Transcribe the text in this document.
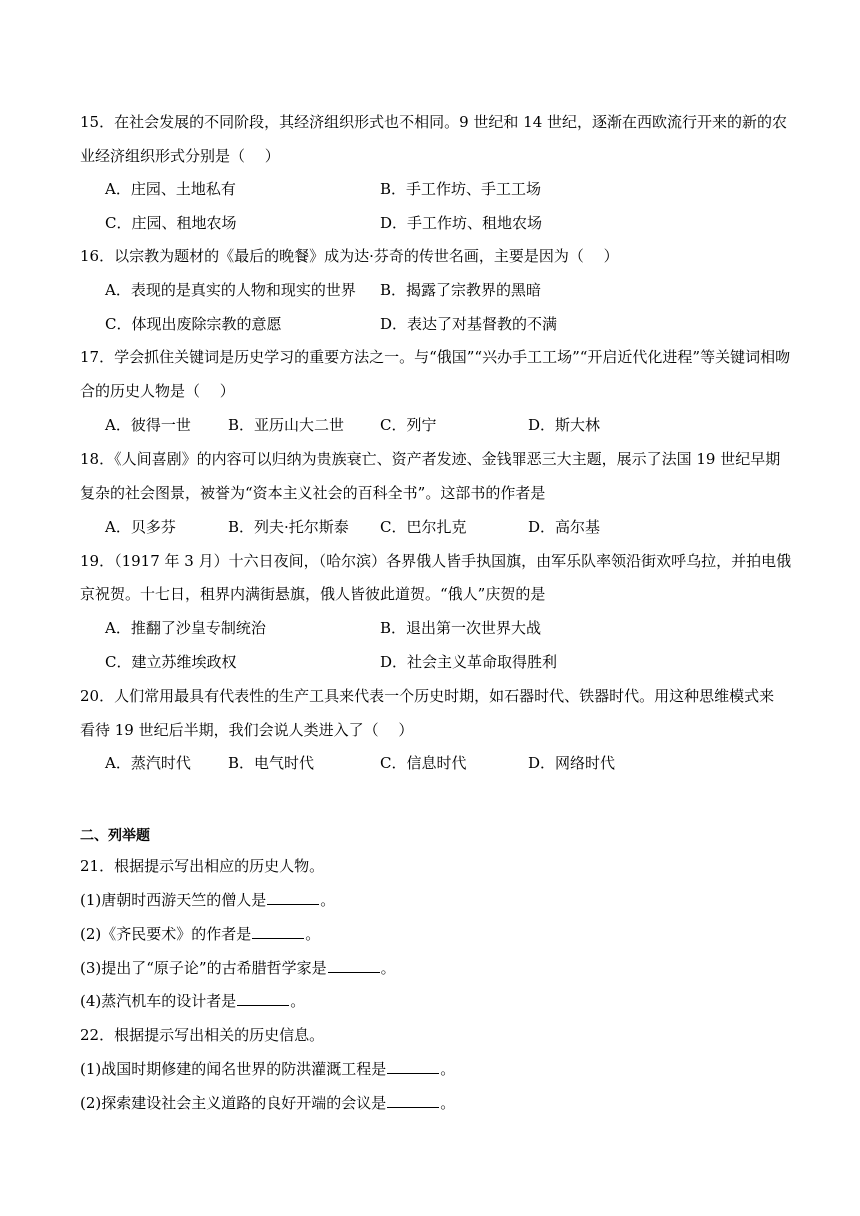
15．在社会发展的不同阶段，其经济组织形式也不相同。9 世纪和 14 世纪，逐渐在西欧流行开来的新的农
业经济组织形式分别是（　 ）
A．庄园、土地私有	B．手工作坊、手工工场
C．庄园、租地农场	D．手工作坊、租地农场
16．以宗教为题材的《最后的晚餐》成为达·芬奇的传世名画，主要是因为（　 ）
A．表现的是真实的人物和现实的世界 B．揭露了宗教界的黑暗
C．体现出废除宗教的意愿	D．表达了对基督教的不满
17．学会抓住关键词是历史学习的重要方法之一。与“俄国”“兴办手工工场”“开启近代化进程”等关键词相吻
合的历史人物是（　 ）
A．彼得一世 B．亚历山大二世 C．列宁	D．斯大林
18．《人间喜剧》的内容可以归纳为贵族衰亡、资产者发迹、金钱罪恶三大主题，展示了法国 19 世纪早期
复杂的社会图景，被誉为“资本主义社会的百科全书”。这部书的作者是
A．贝多芬	B．列夫·托尔斯泰 C．巴尔扎克	D．高尔基
19．（1917 年 3 月）十六日夜间，（哈尔滨）各界俄人皆手执国旗，由军乐队率领沿街欢呼乌拉，并拍电俄
京祝贺。十七日，租界内满街悬旗，俄人皆彼此道贺。“俄人”庆贺的是
A．推翻了沙皇专制统治	B．退出第一次世界大战
C．建立苏维埃政权	D．社会主义革命取得胜利
20．人们常用最具有代表性的生产工具来代表一个历史时期，如石器时代、铁器时代。用这种思维模式来
看待 19 世纪后半期，我们会说人类进入了（　 ）
A．蒸汽时代 B．电气时代	C．信息时代	D．网络时代
二、列举题
21．根据提示写出相应的历史人物。
(1)唐朝时西游天竺的僧人是	。
(2)《齐民要术》的作者是	。
(3)提出了“原子论”的古希腊哲学家是	。
(4)蒸汽机车的设计者是	。
22．根据提示写出相关的历史信息。
(1)战国时期修建的闻名世界的防洪灌溉工程是	。
(2)探索建设社会主义道路的良好开端的会议是	。
